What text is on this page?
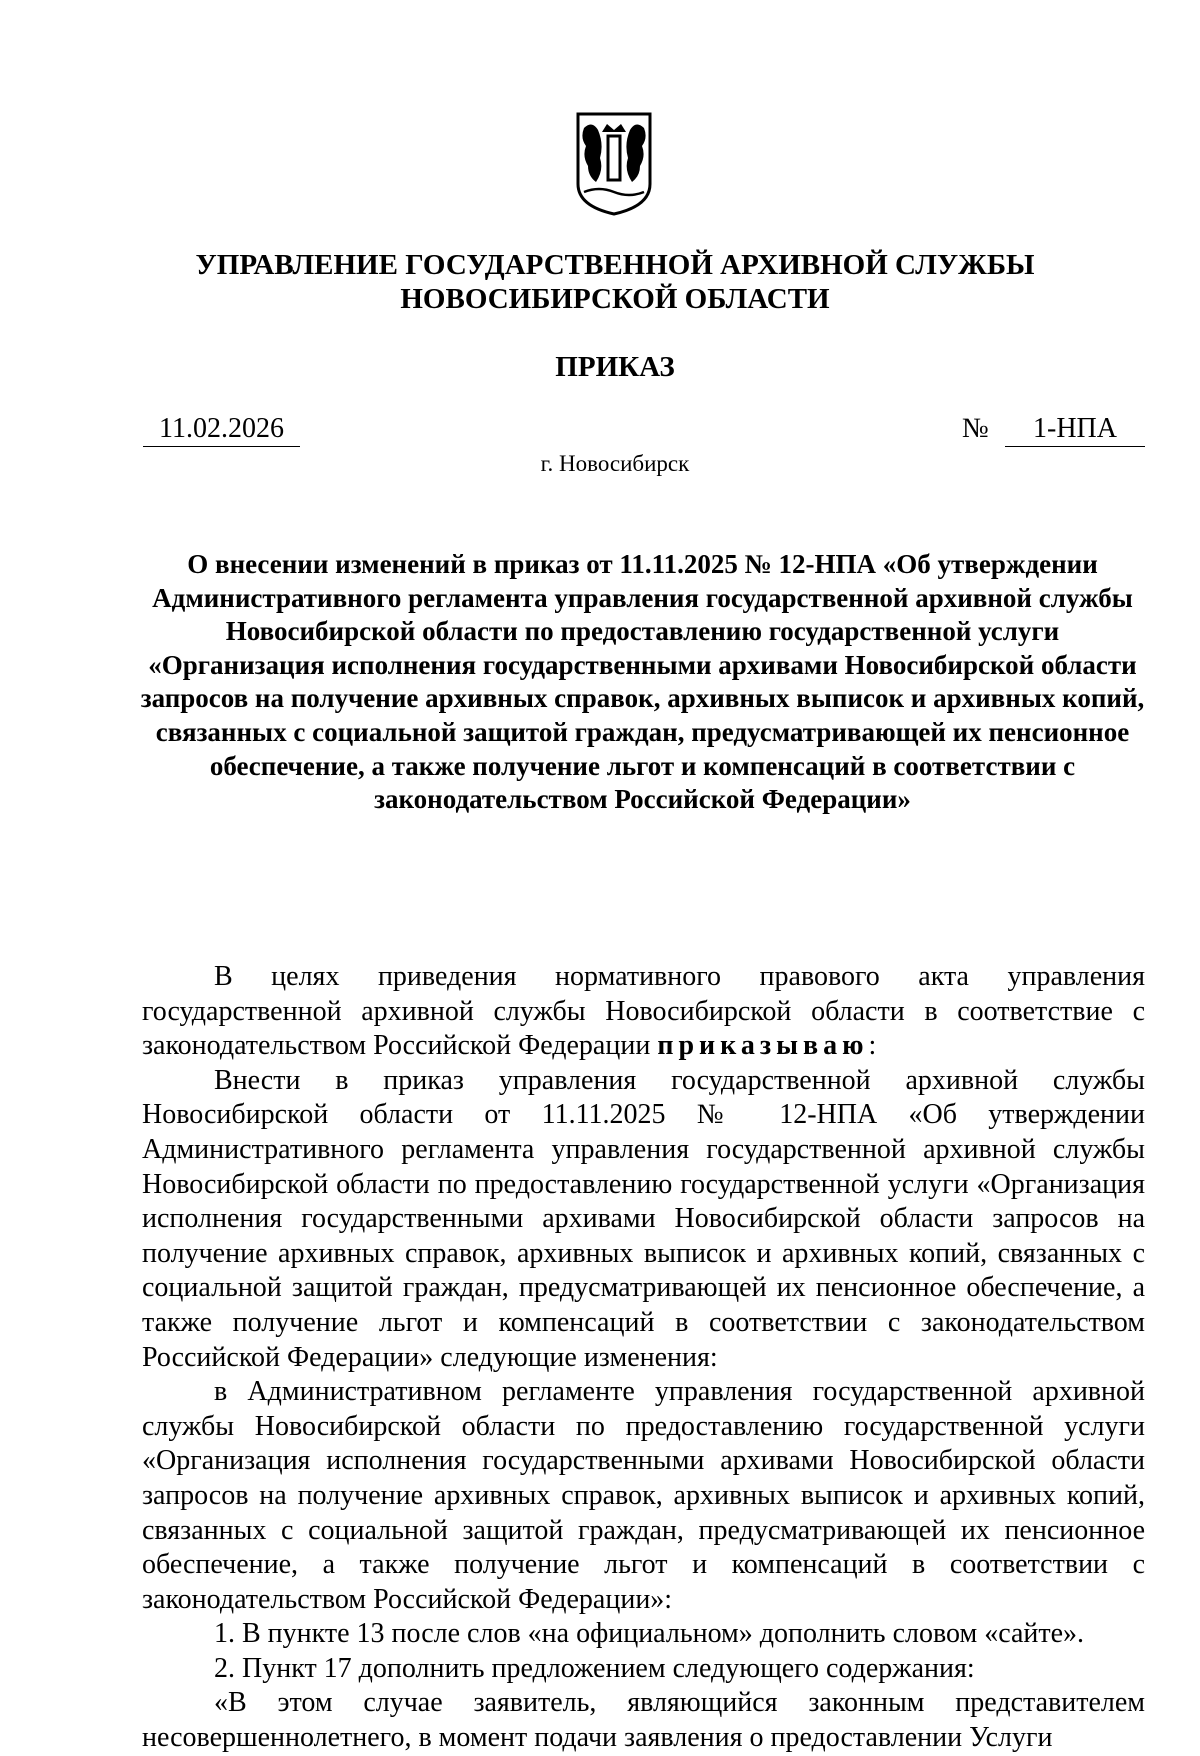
УПРАВЛЕНИЕ ГОСУДАРСТВЕННОЙ АРХИВНОЙ СЛУЖБЫ
НОВОСИБИРСКОЙ ОБЛАСТИ
ПРИКАЗ
11.02.2026	№	1-НПА
г. Новосибирск
О внесении изменений в приказ от 11.11.2025 № 12-НПА «Об утверждении Административного регламента управления государственной архивной службы Новосибирской области по предоставлению государственной услуги «Организация исполнения государственными архивами Новосибирской области запросов на получение архивных справок, архивных выписок и архивных копий, связанных с социальной защитой граждан, предусматривающей их пенсионное обеспечение, а также получение льгот и компенсаций в соответствии с законодательством Российской Федерации»

В целях приведения нормативного правового акта управления государственной архивной службы Новосибирской области в соответствие с законодательством Российской Федерации приказываю:

Внести в приказ управления государственной архивной службы Новосибирской области от 11.11.2025 № 12-НПА «Об утверждении Административного регламента управления государственной архивной службы Новосибирской области по предоставлению государственной услуги «Организация исполнения государственными архивами Новосибирской области запросов на получение архивных справок, архивных выписок и архивных копий, связанных с социальной защитой граждан, предусматривающей их пенсионное обеспечение, а также получение льгот и компенсаций в соответствии с законодательством Российской Федерации» следующие изменения:

в Административном регламенте управления государственной архивной службы Новосибирской области по предоставлению государственной услуги «Организация исполнения государственными архивами Новосибирской области запросов на получение архивных справок, архивных выписок и архивных копий, связанных с социальной защитой граждан, предусматривающей их пенсионное обеспечение, а также получение льгот и компенсаций в соответствии с законодательством Российской Федерации»:

1. В пункте 13 после слов «на официальном» дополнить словом «сайте».

2. Пункт 17 дополнить предложением следующего содержания:

«В этом случае заявитель, являющийся законным представителем несовершеннолетнего, в момент подачи заявления о предоставлении Услуги
